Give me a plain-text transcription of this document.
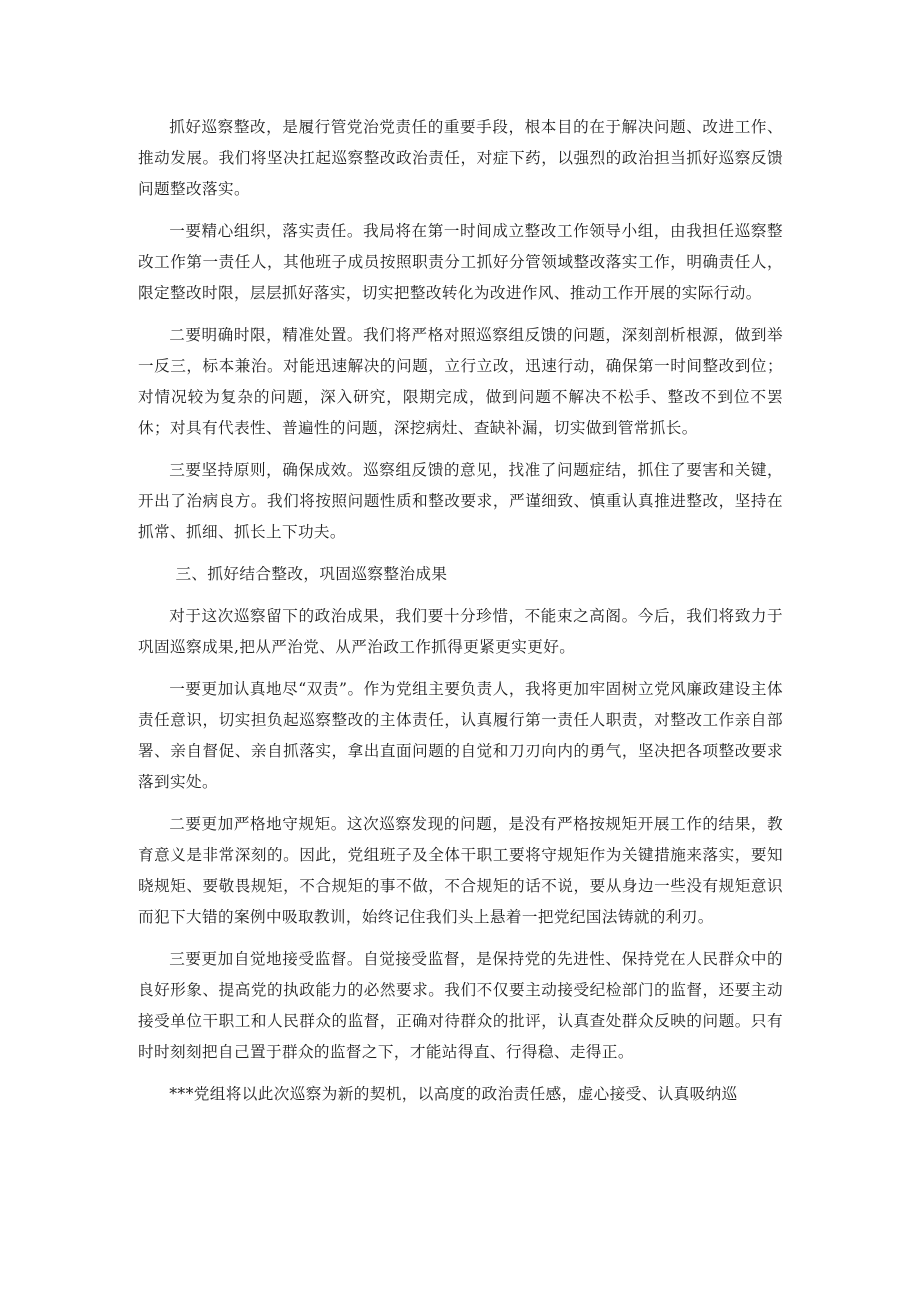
抓好巡察整改，是履行管党治党责任的重要手段，根本目的在于解决问题、改进工作、推动发展。我们将坚决扛起巡察整改政治责任，对症下药，以强烈的政治担当抓好巡察反馈问题整改落实。

一要精心组织，落实责任。我局将在第一时间成立整改工作领导小组，由我担任巡察整改工作第一责任人，其他班子成员按照职责分工抓好分管领域整改落实工作，明确责任人，限定整改时限，层层抓好落实，切实把整改转化为改进作风、推动工作开展的实际行动。

二要明确时限，精准处置。我们将严格对照巡察组反馈的问题，深刻剖析根源，做到举一反三，标本兼治。对能迅速解决的问题，立行立改，迅速行动，确保第一时间整改到位；对情况较为复杂的问题，深入研究，限期完成，做到问题不解决不松手、整改不到位不罢休；对具有代表性、普遍性的问题，深挖病灶、查缺补漏，切实做到管常抓长。

三要坚持原则，确保成效。巡察组反馈的意见，找准了问题症结，抓住了要害和关键，开出了治病良方。我们将按照问题性质和整改要求，严谨细致、慎重认真推进整改，坚持在抓常、抓细、抓长上下功夫。

三、抓好结合整改，巩固巡察整治成果

对于这次巡察留下的政治成果，我们要十分珍惜，不能束之高阁。今后，我们将致力于巩固巡察成果,把从严治党、从严治政工作抓得更紧更实更好。

一要更加认真地尽“双责”。作为党组主要负责人，我将更加牢固树立党风廉政建设主体责任意识，切实担负起巡察整改的主体责任，认真履行第一责任人职责，对整改工作亲自部署、亲自督促、亲自抓落实，拿出直面问题的自觉和刀刃向内的勇气，坚决把各项整改要求落到实处。

二要更加严格地守规矩。这次巡察发现的问题，是没有严格按规矩开展工作的结果，教育意义是非常深刻的。因此，党组班子及全体干职工要将守规矩作为关键措施来落实，要知晓规矩、要敬畏规矩，不合规矩的事不做，不合规矩的话不说，要从身边一些没有规矩意识而犯下大错的案例中吸取教训，始终记住我们头上悬着一把党纪国法铸就的利刃。

三要更加自觉地接受监督。自觉接受监督，是保持党的先进性、保持党在人民群众中的良好形象、提高党的执政能力的必然要求。我们不仅要主动接受纪检部门的监督，还要主动接受单位干职工和人民群众的监督，正确对待群众的批评，认真查处群众反映的问题。只有时时刻刻把自己置于群众的监督之下，才能站得直、行得稳、走得正。

***党组将以此次巡察为新的契机，以高度的政治责任感，虚心接受、认真吸纳巡
